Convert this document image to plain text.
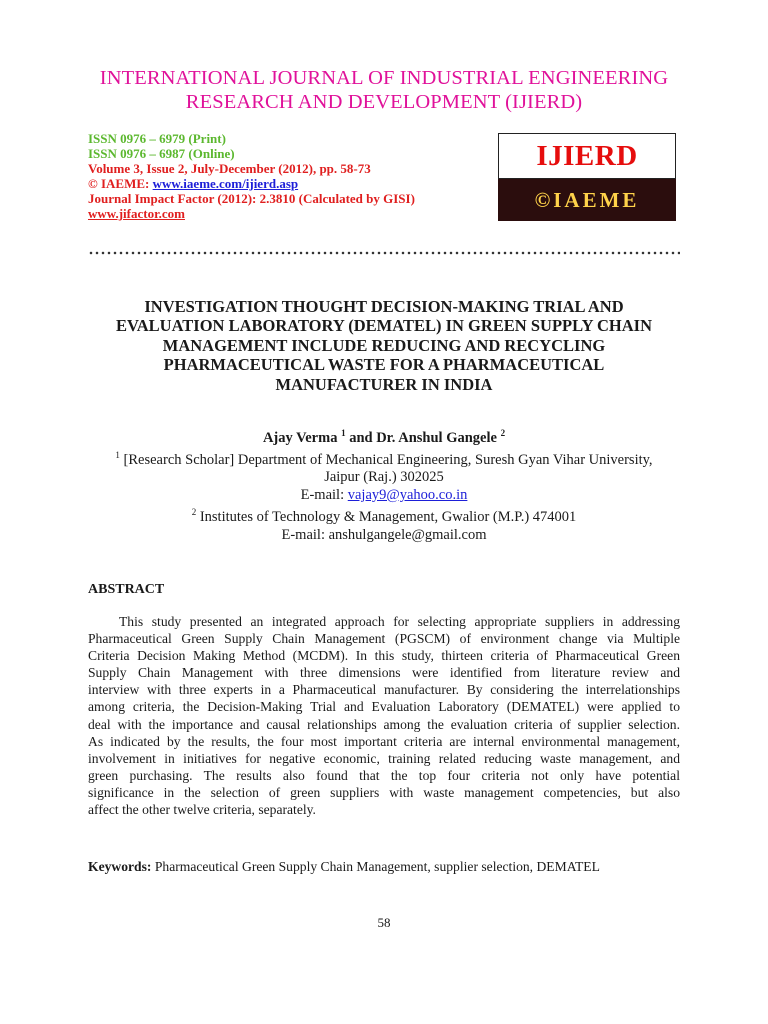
INTERNATIONAL JOURNAL OF INDUSTRIAL ENGINEERING
RESEARCH AND DEVELOPMENT (IJIERD)
ISSN 0976 – 6979 (Print)
ISSN 0976 – 6987 (Online)
Volume 3, Issue 2, July-December (2012), pp. 58-73
© IAEME: www.iaeme.com/ijierd.asp
Journal Impact Factor (2012): 2.3810 (Calculated by GISI)
www.jifactor.com
IJIERD
©IAEME
INVESTIGATION THOUGHT DECISION-MAKING TRIAL AND
EVALUATION LABORATORY (DEMATEL) IN GREEN SUPPLY CHAIN
MANAGEMENT INCLUDE REDUCING AND RECYCLING
PHARMACEUTICAL WASTE FOR A PHARMACEUTICAL
MANUFACTURER IN INDIA
Ajay Verma $^1$ and Dr. Anshul Gangele $^2$
$^1$ [Research Scholar] Department of Mechanical Engineering, Suresh Gyan Vihar University,
Jaipur (Raj.) 302025
E-mail: vajay9@yahoo.co.in
$^2$ Institutes of Technology & Management, Gwalior (M.P.) 474001
E-mail: anshulgangele@gmail.com
ABSTRACT
This study presented an integrated approach for selecting appropriate suppliers in addressing
Pharmaceutical Green Supply Chain Management (PGSCM) of environment change via Multiple
Criteria Decision Making Method (MCDM). In this study, thirteen criteria of Pharmaceutical Green
Supply Chain Management with three dimensions were identified from literature review and
interview with three experts in a Pharmaceutical manufacturer. By considering the interrelationships
among criteria, the Decision-Making Trial and Evaluation Laboratory (DEMATEL) were applied to
deal with the importance and causal relationships among the evaluation criteria of supplier selection.
As indicated by the results, the four most important criteria are internal environmental management,
involvement in initiatives for negative economic, training related reducing waste management, and
green purchasing. The results also found that the top four criteria not only have potential
significance in the selection of green suppliers with waste management competencies, but also
affect the other twelve criteria, separately.
Keywords: Pharmaceutical Green Supply Chain Management, supplier selection, DEMATEL
58
